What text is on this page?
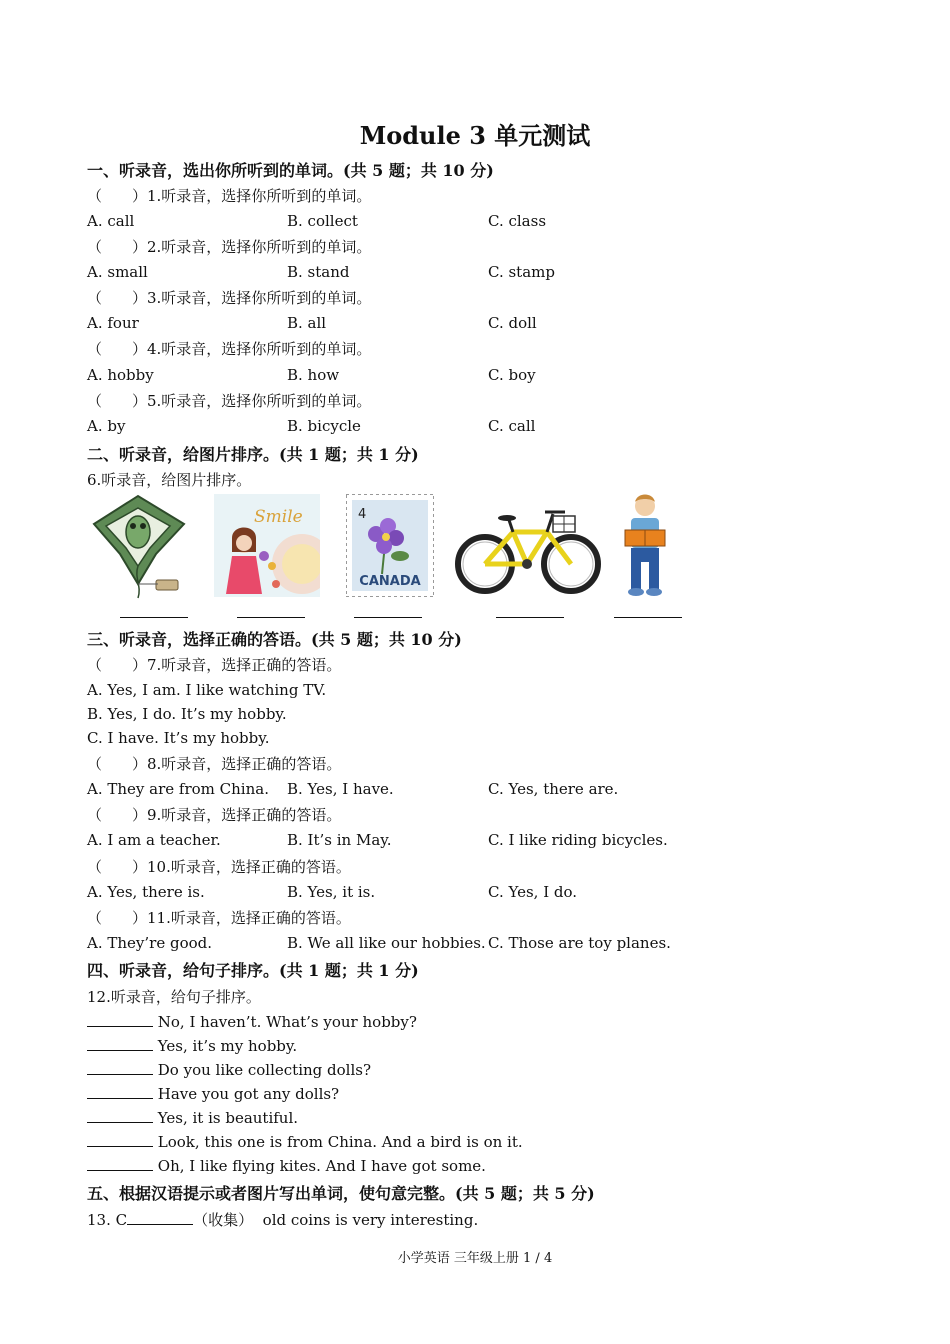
Module 3 单元测试
一、听录音，选出你所听到的单词。(共 5 题；共 10 分)
（　　）1.听录音，选择你所听到的单词。
A. call	B. collect	C. class
（　　）2.听录音，选择你所听到的单词。
A. small	B. stand	C. stamp
（　　）3.听录音，选择你所听到的单词。
A. four	B. all	C. doll
（　　）4.听录音，选择你所听到的单词。
A. hobby	B. how	C. boy
（　　）5.听录音，选择你所听到的单词。
A. by	B. bicycle	C. call
二、听录音，给图片排序。(共 1 题；共 1 分)
6.听录音，给图片排序。
Smile	4
CANADA
三、听录音，选择正确的答语。(共 5 题；共 10 分)
（　　）7.听录音，选择正确的答语。
A. Yes, I am. I like watching TV.
B. Yes, I do. It’s my hobby.
C. I have. It’s my hobby.
（　　）8.听录音，选择正确的答语。
A. They are from China. B. Yes, I have.	C. Yes, there are.
（　　）9.听录音，选择正确的答语。
A. I am a teacher.	B. It’s in May.	C. I like riding bicycles.
（　　）10.听录音，选择正确的答语。
A. Yes, there is.	B. Yes, it is.	C. Yes, I do.
（　　）11.听录音，选择正确的答语。
A. They’re good.	B. We all like our hobbies. C. Those are toy planes.
四、听录音，给句子排序。(共 1 题；共 1 分)
12.听录音，给句子排序。
No, I haven’t. What’s your hobby?
Yes, it’s my hobby.
Do you like collecting dolls?
Have you got any dolls?
Yes, it is beautiful.
Look, this one is from China. And a bird is on it.
Oh, I like flying kites. And I have got some.
五、根据汉语提示或者图片写出单词，使句意完整。(共 5 题；共 5 分)
13. C	（收集） old coins is very interesting.
小学英语 三年级上册 1 / 4
